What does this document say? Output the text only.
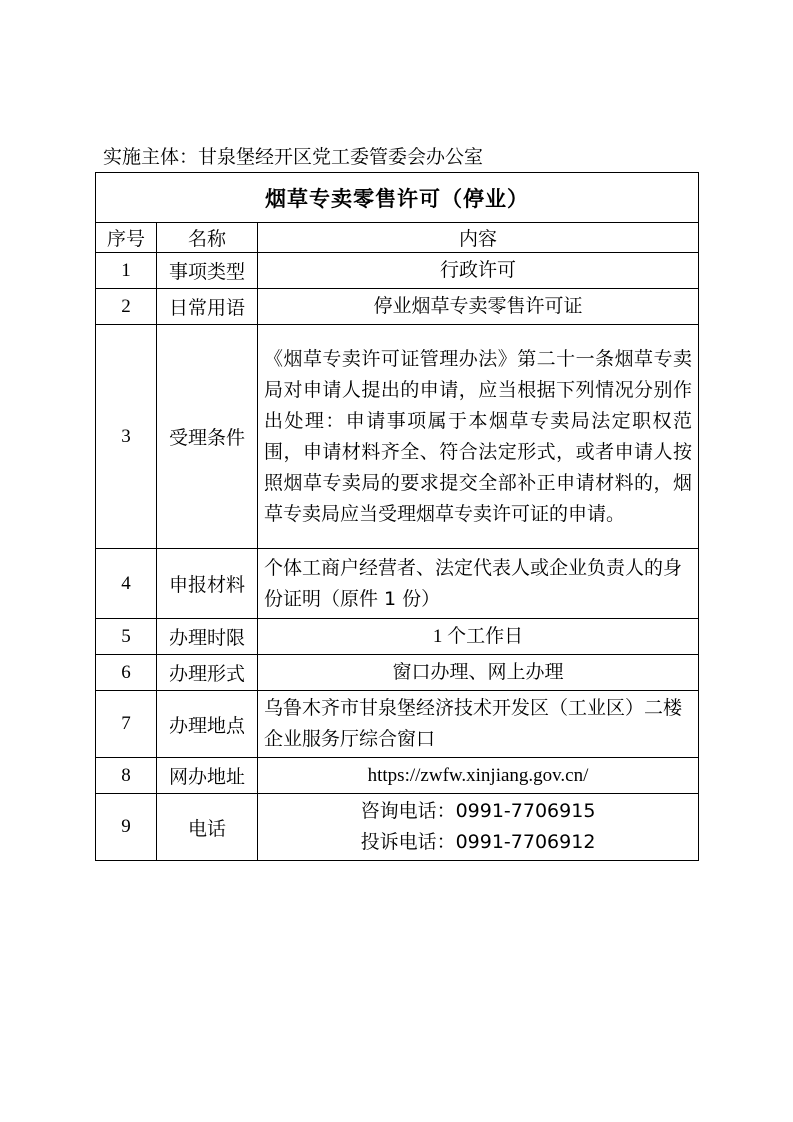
实施主体：甘泉堡经开区党工委管委会办公室
烟草专卖零售许可（停业）		
序号	名称	内容
1	事项类型	行政许可
2	日常用语	停业烟草专卖零售许可证
3	受理条件	《烟草专卖许可证管理办法》第二十一条烟草专卖局对申请人提出的申请，应当根据下列情况分别作出处理：申请事项属于本烟草专卖局法定职权范围，申请材料齐全、符合法定形式，或者申请人按照烟草专卖局的要求提交全部补正申请材料的，烟草专卖局应当受理烟草专卖许可证的申请。
4	申报材料	个体工商户经营者、法定代表人或企业负责人的身份证明（原件 1 份）
5	办理时限	1 个工作日
6	办理形式	窗口办理、网上办理
7	办理地点	乌鲁木齐市甘泉堡经济技术开发区（工业区）二楼企业服务厅综合窗口
8	网办地址	https://zwfw.xinjiang.gov.cn/
9	电话	咨询电话：0991-7706915
投诉电话：0991-7706912
